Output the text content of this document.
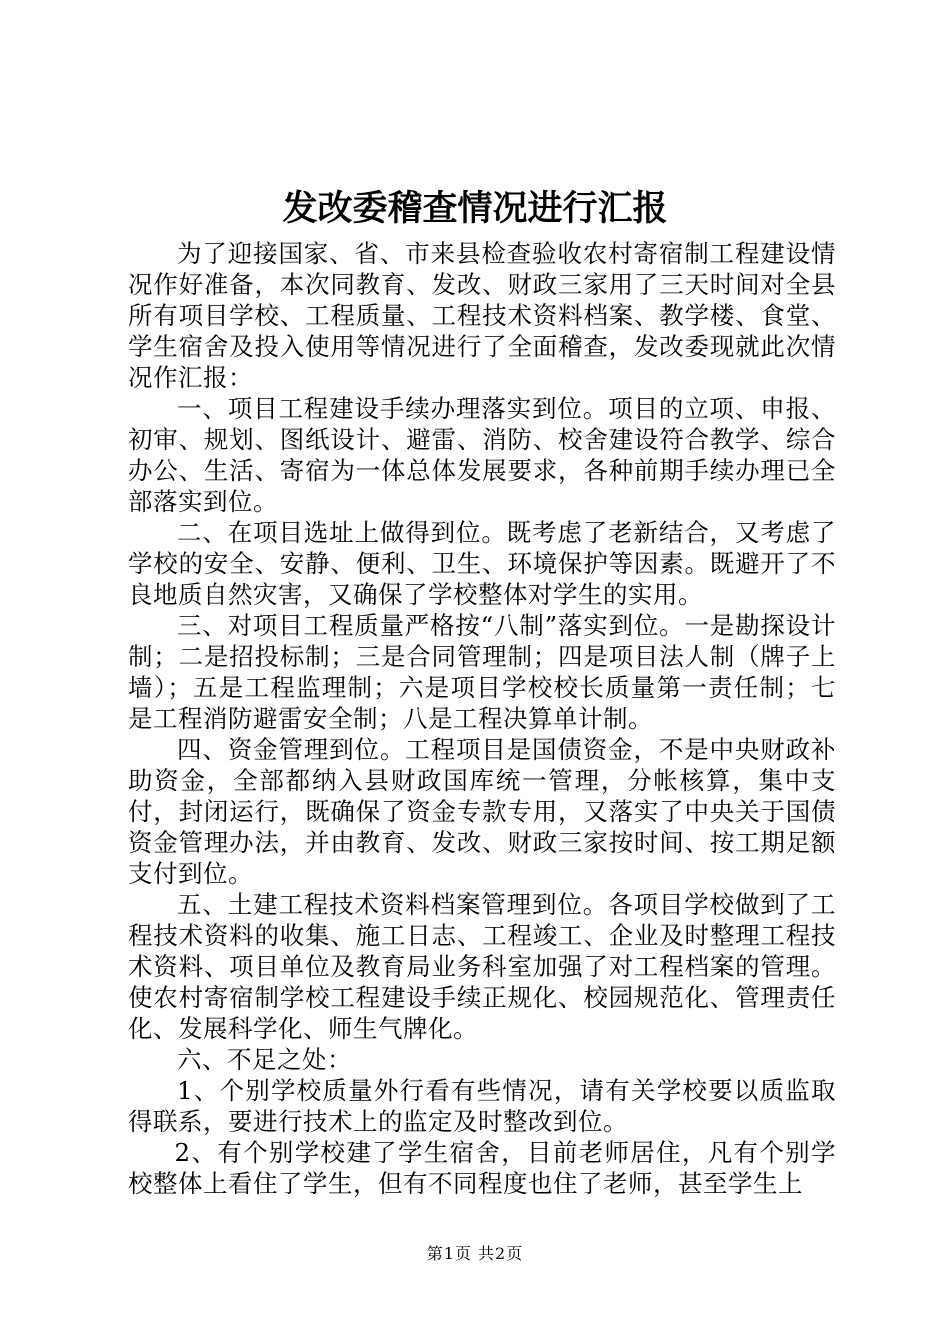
发改委稽查情况进行汇报

为了迎接国家、省、市来县检查验收农村寄宿制工程建设情况作好准备，本次同教育、发改、财政三家用了三天时间对全县所有项目学校、工程质量、工程技术资料档案、教学楼、食堂、学生宿舍及投入使用等情况进行了全面稽查，发改委现就此次情况作汇报：

一、项目工程建设手续办理落实到位。项目的立项、申报、初审、规划、图纸设计、避雷、消防、校舍建设符合教学、综合办公、生活、寄宿为一体总体发展要求，各种前期手续办理已全部落实到位。

二、在项目选址上做得到位。既考虑了老新结合，又考虑了学校的安全、安静、便利、卫生、环境保护等因素。既避开了不良地质自然灾害，又确保了学校整体对学生的实用。

三、对项目工程质量严格按“八制”落实到位。一是勘探设计制；二是招投标制；三是合同管理制；四是项目法人制（牌子上墙）；五是工程监理制；六是项目学校校长质量第一责任制；七是工程消防避雷安全制；八是工程决算单计制。

四、资金管理到位。工程项目是国债资金，不是中央财政补助资金，全部都纳入县财政国库统一管理，分帐核算，集中支付，封闭运行，既确保了资金专款专用，又落实了中央关于国债资金管理办法，并由教育、发改、财政三家按时间、按工期足额支付到位。

五、土建工程技术资料档案管理到位。各项目学校做到了工程技术资料的收集、施工日志、工程竣工、企业及时整理工程技术资料、项目单位及教育局业务科室加强了对工程档案的管理。使农村寄宿制学校工程建设手续正规化、校园规范化、管理责任化、发展科学化、师生气牌化。

六、不足之处：

1、个别学校质量外行看有些情况，请有关学校要以质监取得联系，要进行技术上的监定及时整改到位。

2、有个别学校建了学生宿舍，目前老师居住，凡有个别学校整体上看住了学生，但有不同程度也住了老师，甚至学生上

第1页 共2页
